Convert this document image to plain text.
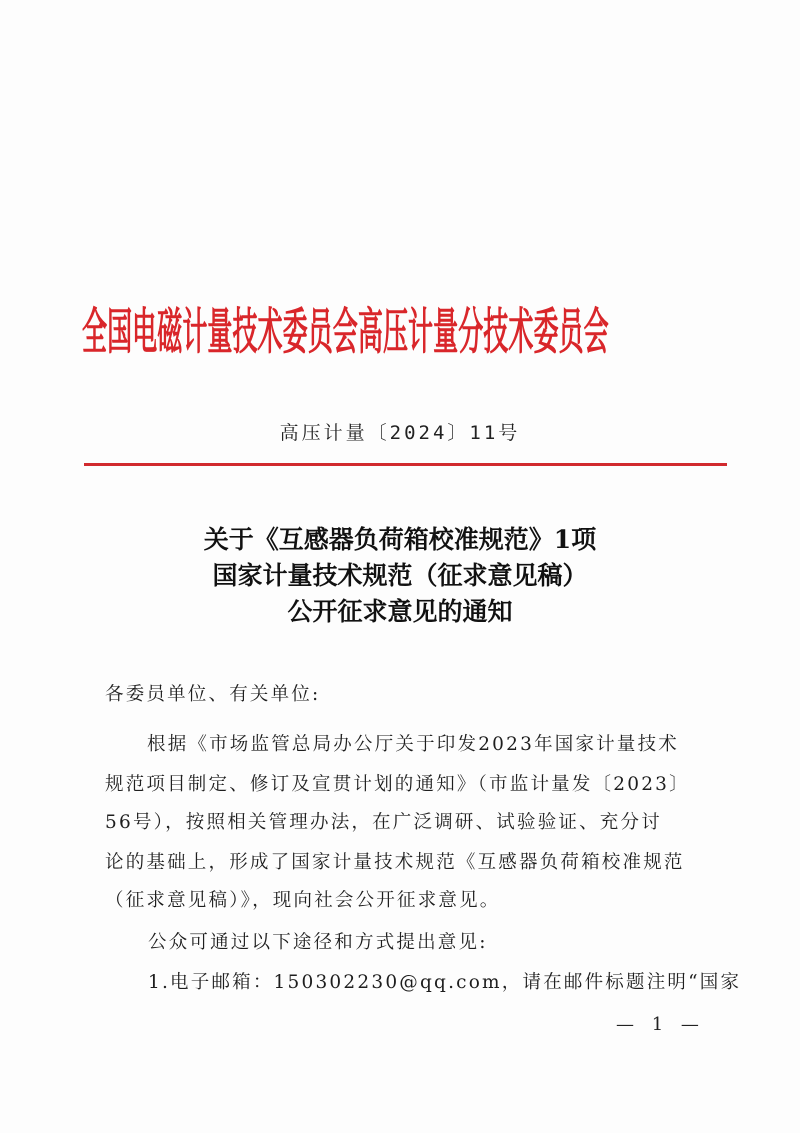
全国电磁计量技术委员会高压计量分技术委员会
高压计量〔2024〕11号
关于《互感器负荷箱校准规范》1项
国家计量技术规范（征求意见稿）
公开征求意见的通知
各委员单位、有关单位:
根据《市场监管总局办公厅关于印发2023年国家计量技术
规范项目制定、修订及宣贯计划的通知》（市监计量发〔2023〕
56号），按照相关管理办法，在广泛调研、试验验证、充分讨
论的基础上，形成了国家计量技术规范《互感器负荷箱校准规范
（征求意见稿）》，现向社会公开征求意见。
公众可通过以下途径和方式提出意见:
1.电子邮箱：150302230@qq.com，请在邮件标题注明“国家
— 1 —
